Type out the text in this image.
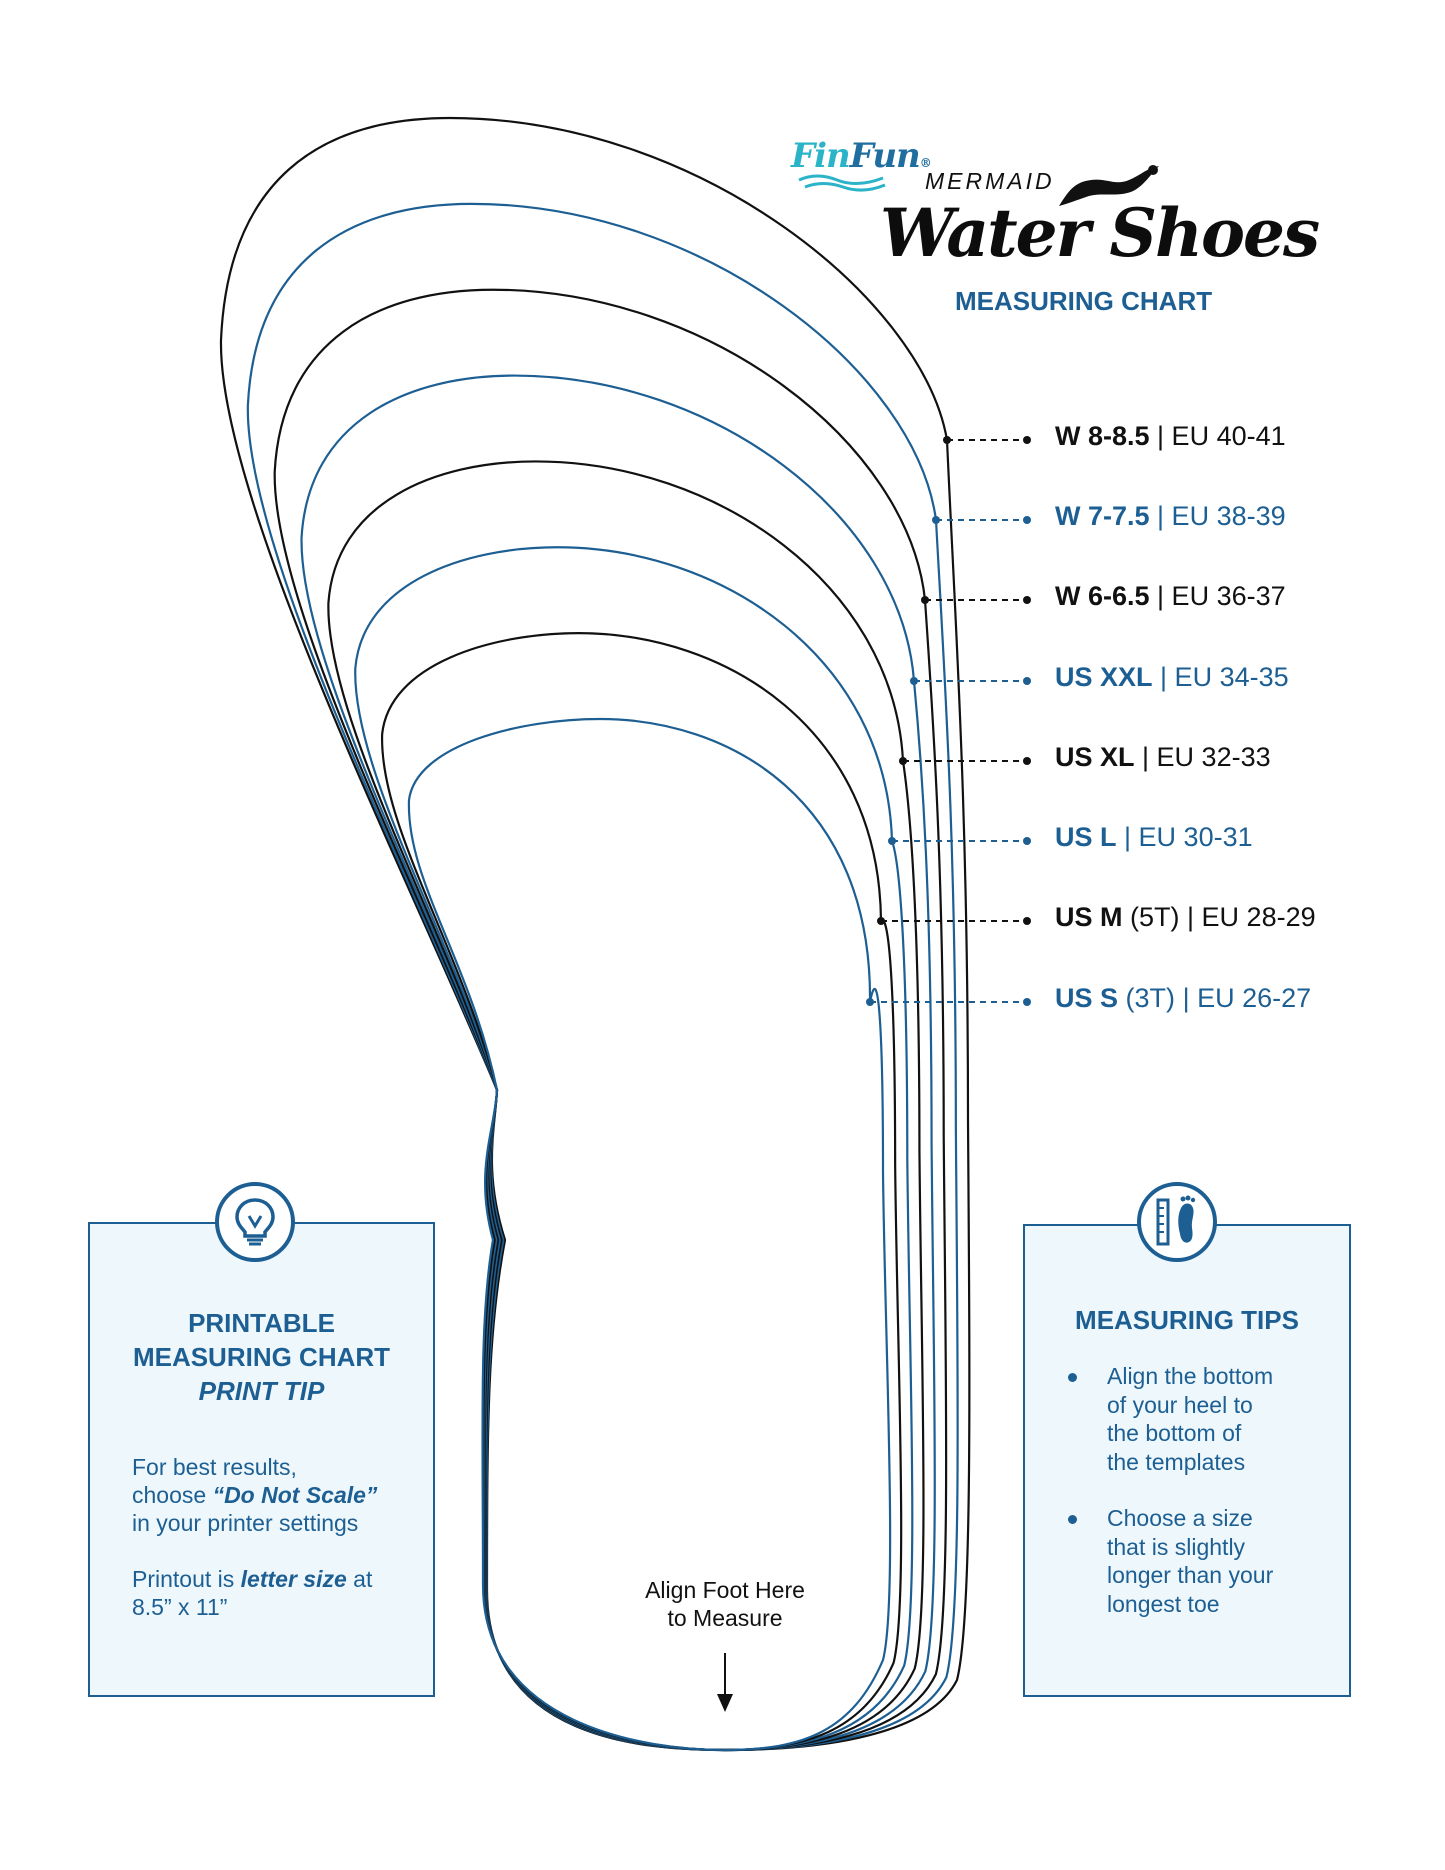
FinFun®
MERMAID
Water Shoes
MEASURING CHART
W 8-8.5 | EU 40-41
W 7-7.5 | EU 38-39
W 6-6.5 | EU 36-37
US XXL | EU 34-35
US XL | EU 32-33
US L | EU 30-31
US M (5T) | EU 28-29
US S (3T) | EU 26-27
PRINTABLE
MEASURING CHART
PRINT TIP
For best results,
choose “Do Not Scale”
in your printer settings
Printout is letter size at
8.5” x 11”
MEASURING TIPS
Align the bottom
of your heel to
the bottom of
the templates
Choose a size
that is slightly
longer than your
longest toe
Align Foot Here
to Measure
